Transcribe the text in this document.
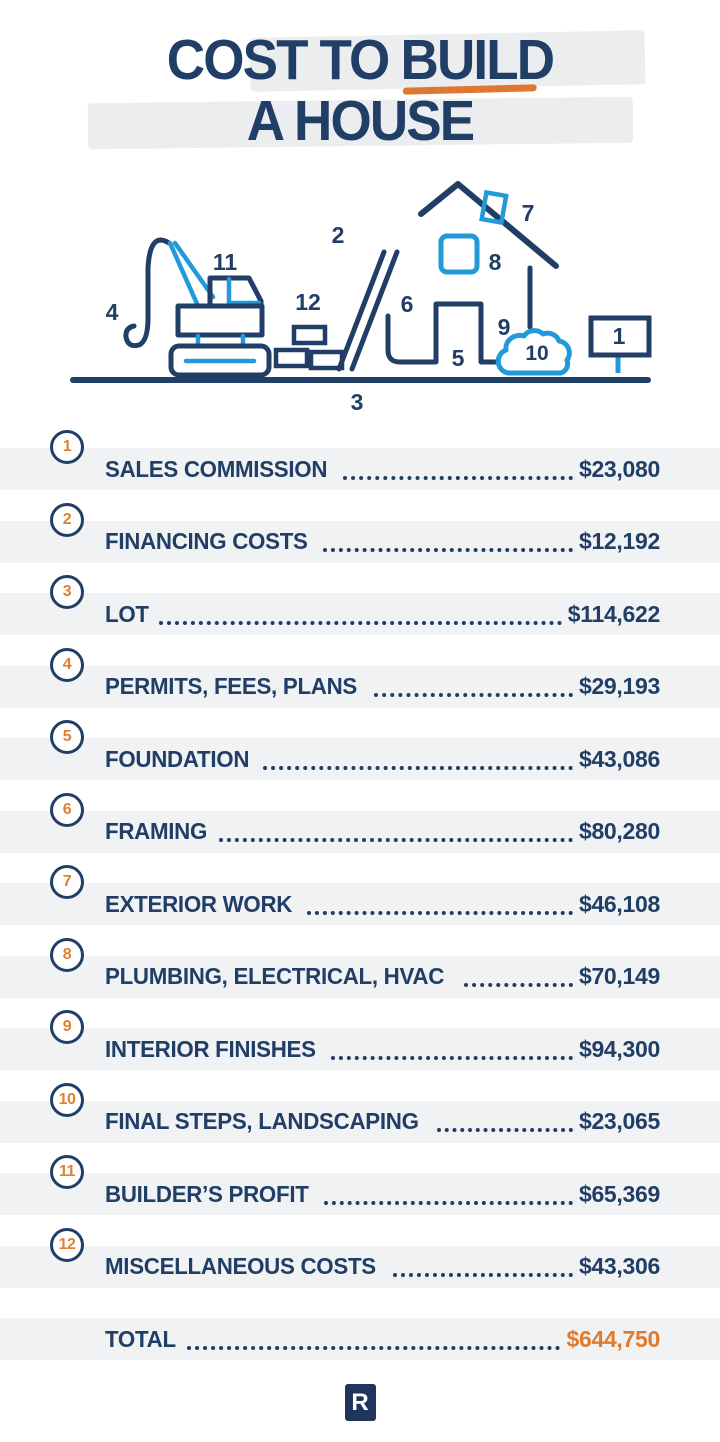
COST TO BUILD
A HOUSE
1
2
3
4
5
6
7
8
9
10
11
12
1
SALES COMMISSION	$23,080
2
FINANCING COSTS	$12,192
3
LOT	$114,622
4
PERMITS, FEES, PLANS	$29,193
5
FOUNDATION	$43,086
6
FRAMING	$80,280
7
EXTERIOR WORK	$46,108
8
PLUMBING, ELECTRICAL, HVAC	$70,149
9
INTERIOR FINISHES	$94,300
10
FINAL STEPS, LANDSCAPING	$23,065
11
BUILDER’S PROFIT	$65,369
12
MISCELLANEOUS COSTS	$43,306
TOTAL	$644,750
R
